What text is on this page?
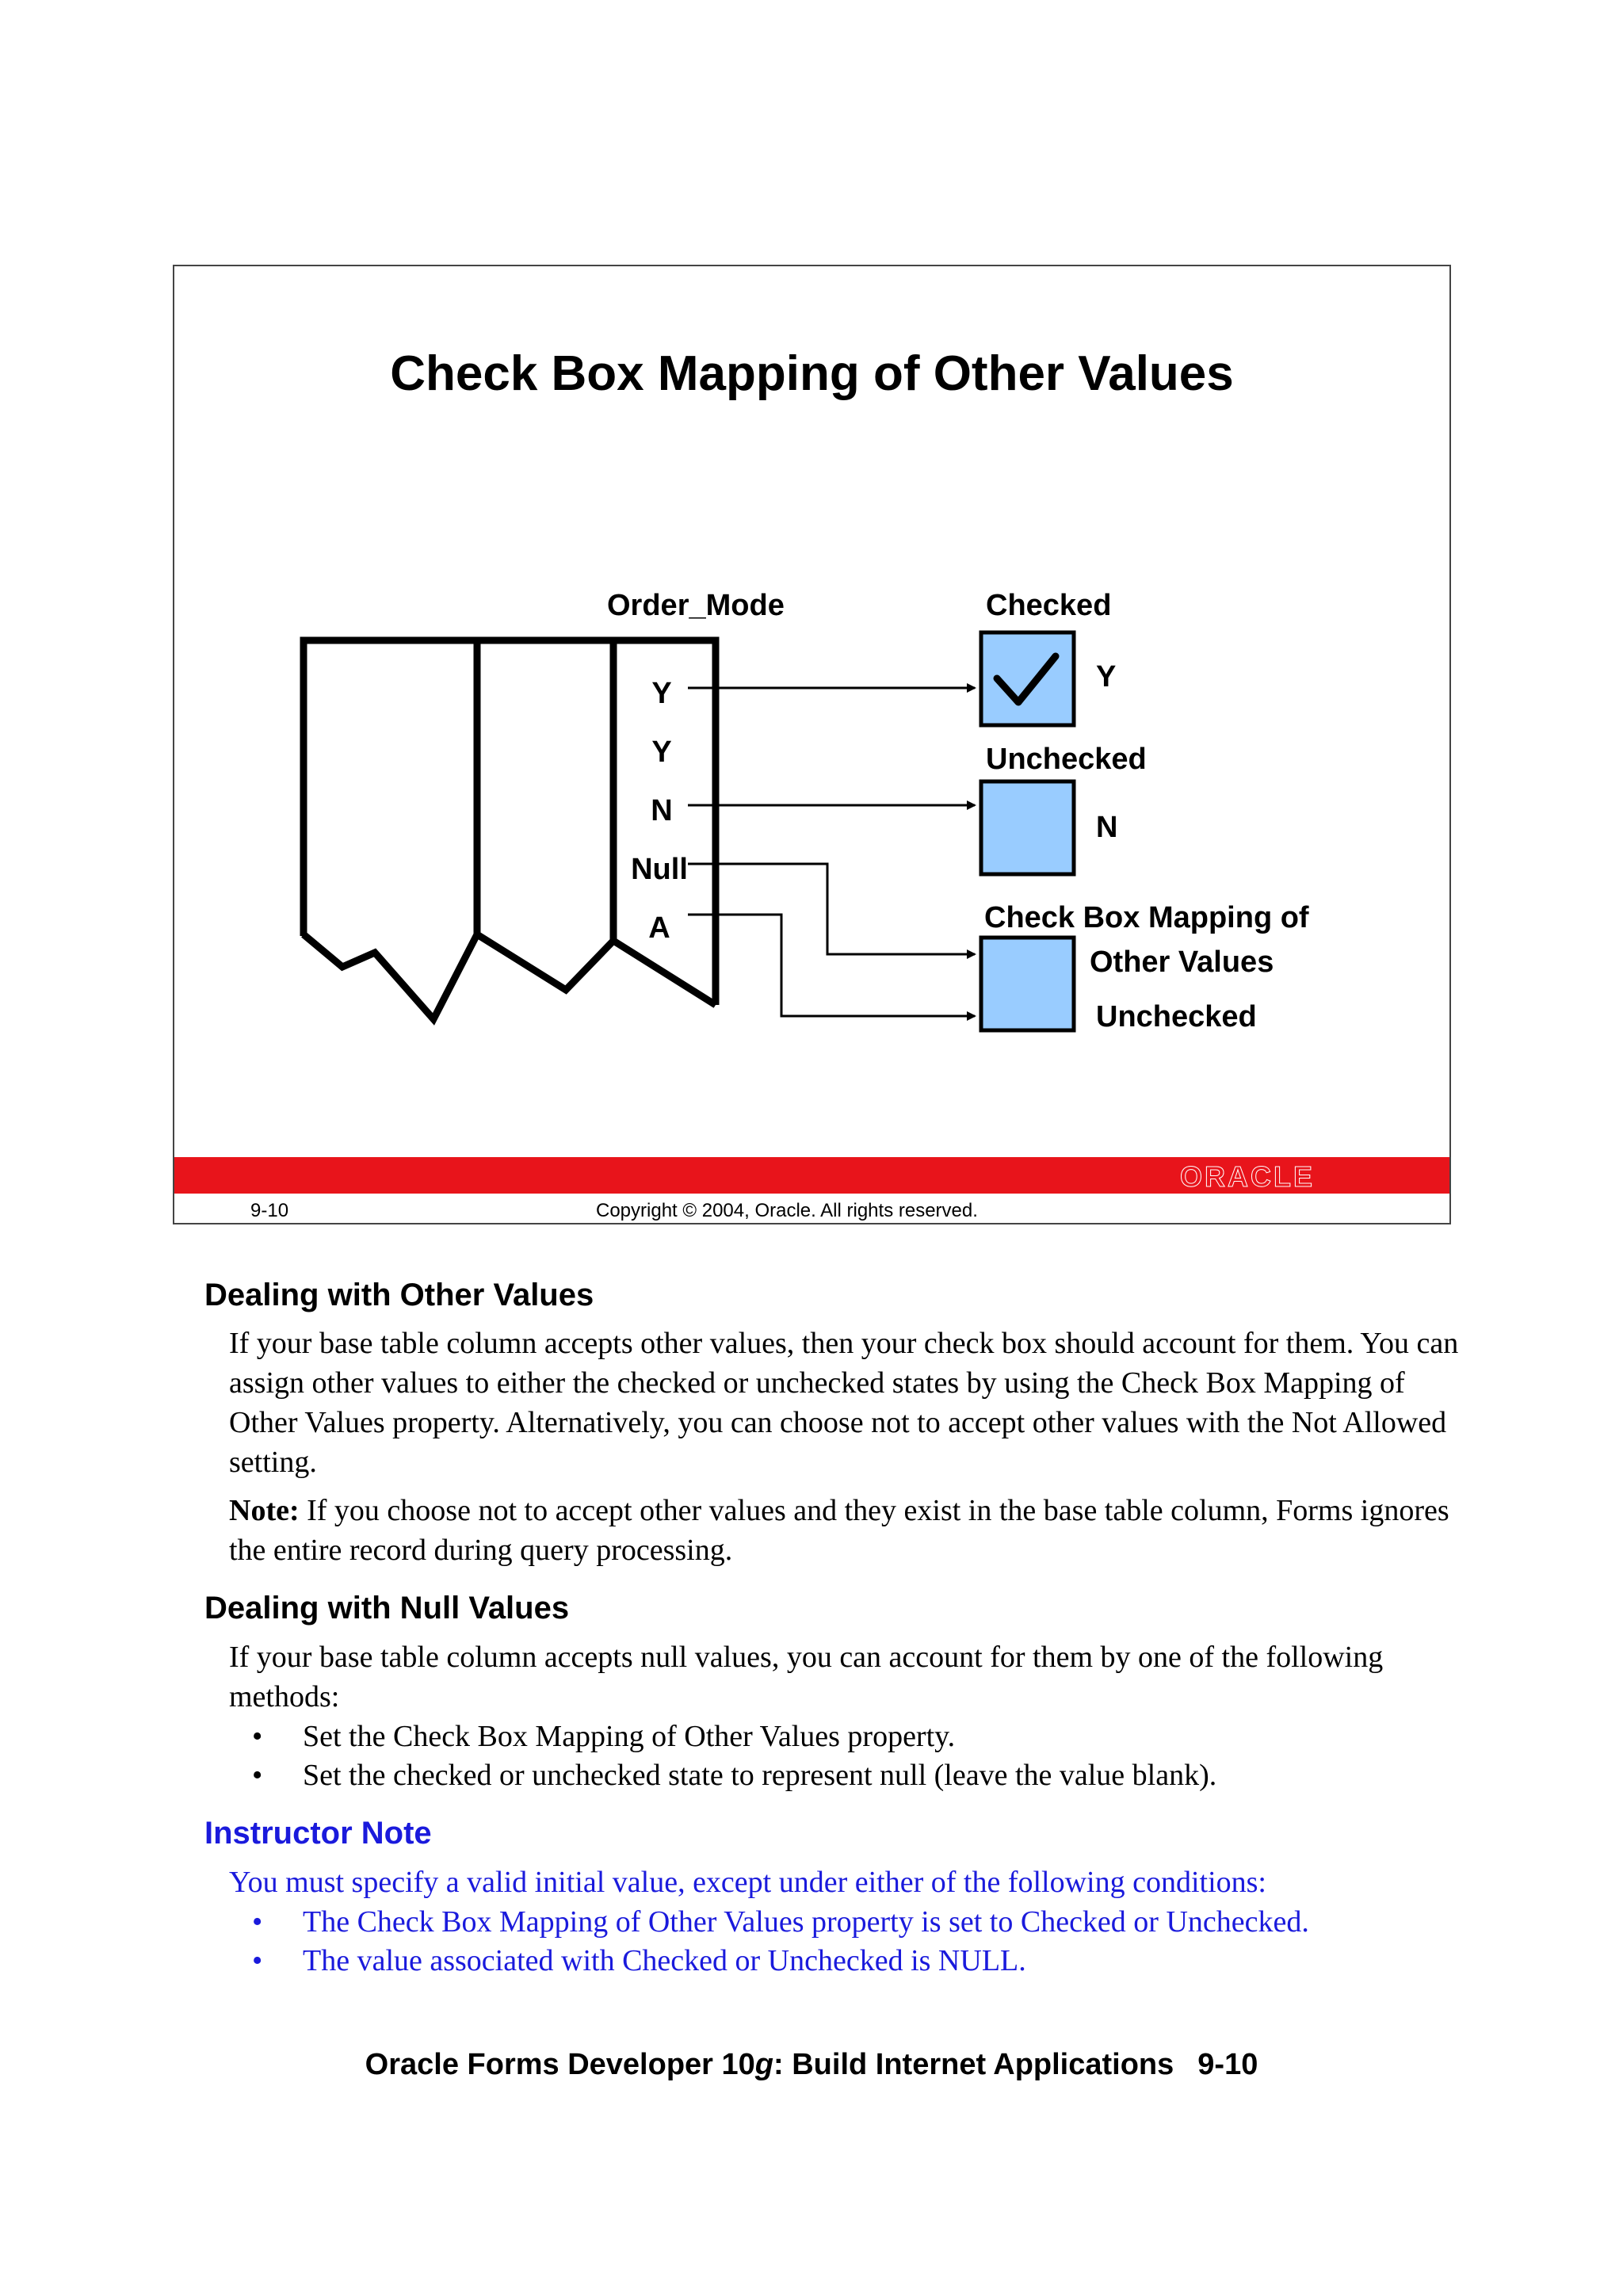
Check Box Mapping of Other Values
Order_Mode
Y
Y
N
Null
A
Checked
Y
Unchecked
N
Check Box Mapping of
Other Values
Unchecked
ORACLE
9-10	Copyright © 2004, Oracle. All rights reserved.
Dealing with Other Values

If your base table column accepts other values, then your check box should account for them. You can assign other values to either the checked or unchecked states by using the Check Box Mapping of Other Values property. Alternatively, you can choose not to accept other values with the Not Allowed setting.

Note: If you choose not to accept other values and they exist in the base table column, Forms ignores the entire record during query processing.

Dealing with Null Values

If your base table column accepts null values, you can account for them by one of the following methods:

• Set the Check Box Mapping of Other Values property.
• Set the checked or unchecked state to represent null (leave the value blank).
Instructor Note

You must specify a valid initial value, except under either of the following conditions:

• The Check Box Mapping of Other Values property is set to Checked or Unchecked.
• The value associated with Checked or Unchecked is NULL.
Oracle Forms Developer 10g: Build Internet Applications 9-10
